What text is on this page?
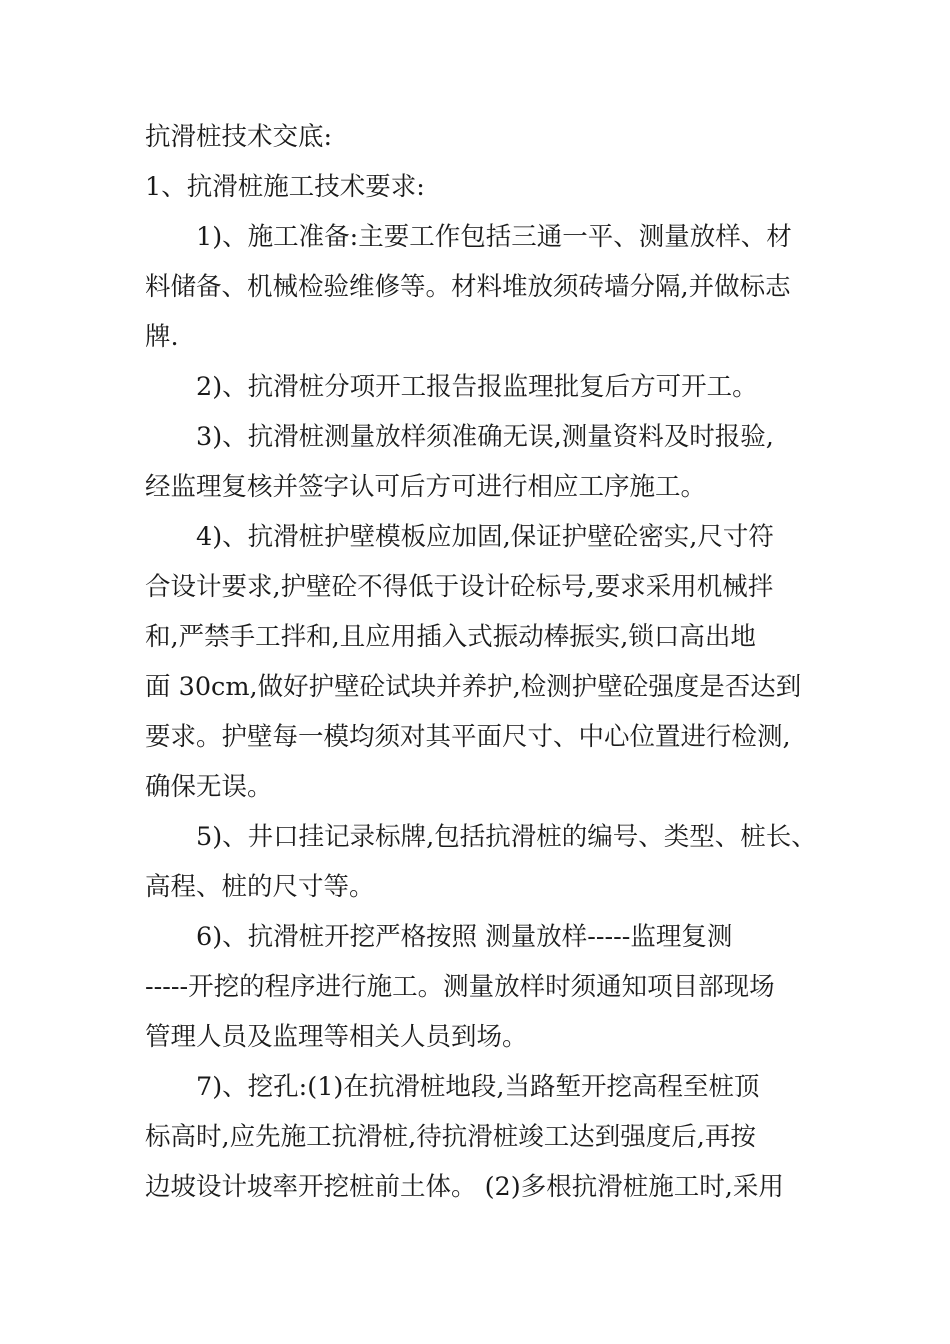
抗滑桩技术交底:
1、抗滑桩施工技术要求:
1)、施工准备:主要工作包括三通一平、测量放样、材
料储备、机械检验维修等。材料堆放须砖墙分隔,并做标志
牌.
2)、抗滑桩分项开工报告报监理批复后方可开工。
3)、抗滑桩测量放样须准确无误,测量资料及时报验,
经监理复核并签字认可后方可进行相应工序施工。
4)、抗滑桩护壁模板应加固,保证护壁砼密实,尺寸符
合设计要求,护壁砼不得低于设计砼标号,要求采用机械拌
和,严禁手工拌和,且应用插入式振动棒振实,锁口高出地
面 30cm,做好护壁砼试块并养护,检测护壁砼强度是否达到
要求。护壁每一模均须对其平面尺寸、中心位置进行检测,
确保无误。
5)、井口挂记录标牌,包括抗滑桩的编号、类型、桩长、
高程、桩的尺寸等。
6)、抗滑桩开挖严格按照 测量放样-----监理复测
-----开挖的程序进行施工。测量放样时须通知项目部现场
管理人员及监理等相关人员到场。
7)、挖孔:(1)在抗滑桩地段,当路堑开挖高程至桩顶
标高时,应先施工抗滑桩,待抗滑桩竣工达到强度后,再按
边坡设计坡率开挖桩前土体。 (2)多根抗滑桩施工时,采用
